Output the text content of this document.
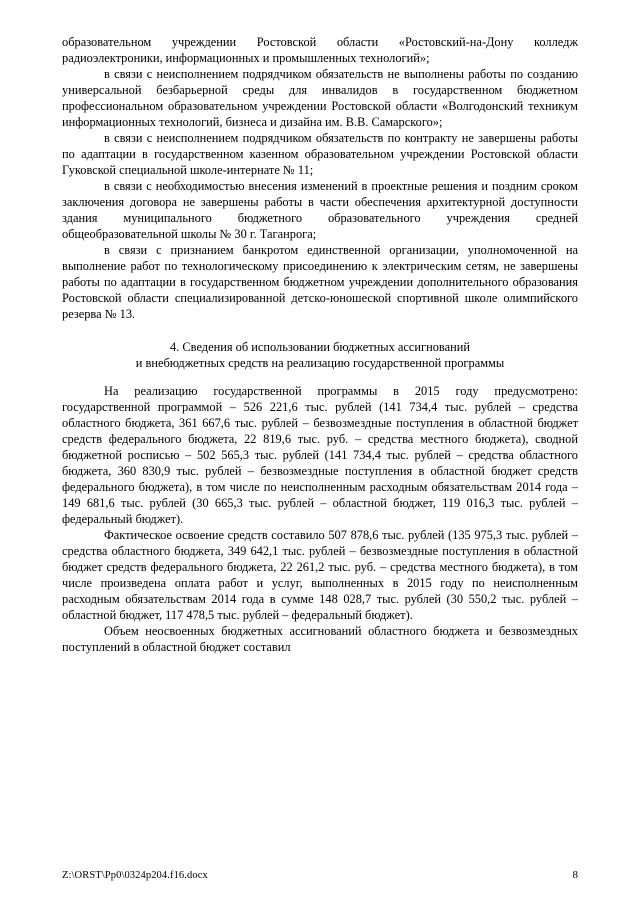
образовательном учреждении Ростовской области «Ростовский-на-Дону колледж радиоэлектроники, информационных и промышленных технологий»;

в связи с неисполнением подрядчиком обязательств не выполнены работы по созданию универсальной безбарьерной среды для инвалидов в государственном бюджетном профессиональном образовательном учреждении Ростовской области «Волгодонский техникум информационных технологий, бизнеса и дизайна им. В.В. Самарского»;

в связи с неисполнением подрядчиком обязательств по контракту не завершены работы по адаптации в государственном казенном образовательном учреждении Ростовской области Гуковской специальной школе-интернате № 11;

в связи с необходимостью внесения изменений в проектные решения и поздним сроком заключения договора не завершены работы в части обеспечения архитектурной доступности здания муниципального бюджетного образовательного учреждения средней общеобразовательной школы № 30 г. Таганрога;

в связи с признанием банкротом единственной организации, уполномоченной на выполнение работ по технологическому присоединению к электрическим сетям, не завершены работы по адаптации в государственном бюджетном учреждении дополнительного образования Ростовской области специализированной детско-юношеской спортивной школе олимпийского резерва № 13.

4. Сведения об использовании бюджетных ассигнований
и внебюджетных средств на реализацию государственной программы

На реализацию государственной программы в 2015 году предусмотрено: государственной программой – 526 221,6 тыс. рублей (141 734,4 тыс. рублей – средства областного бюджета, 361 667,6 тыс. рублей – безвозмездные поступления в областной бюджет средств федерального бюджета, 22 819,6 тыс. руб. – средства местного бюджета), сводной бюджетной росписью – 502 565,3 тыс. рублей (141 734,4 тыс. рублей – средства областного бюджета, 360 830,9 тыс. рублей – безвозмездные поступления в областной бюджет средств федерального бюджета), в том числе по неисполненным расходным обязательствам 2014 года – 149 681,6 тыс. рублей (30 665,3 тыс. рублей – областной бюджет, 119 016,3 тыс. рублей – федеральный бюджет).

Фактическое освоение средств составило 507 878,6 тыс. рублей (135 975,3 тыс. рублей – средства областного бюджета, 349 642,1 тыс. рублей – безвозмездные поступления в областной бюджет средств федерального бюджета, 22 261,2 тыс. руб. – средства местного бюджета), в том числе произведена оплата работ и услуг, выполненных в 2015 году по неисполненным расходным обязательствам 2014 года в сумме 148 028,7 тыс. рублей (30 550,2 тыс. рублей – областной бюджет, 117 478,5 тыс. рублей – федеральный бюджет).

Объем неосвоенных бюджетных ассигнований областного бюджета и безвозмездных поступлений в областной бюджет составил

Z:\ORST\Pp0\0324p204.f16.docx	8
